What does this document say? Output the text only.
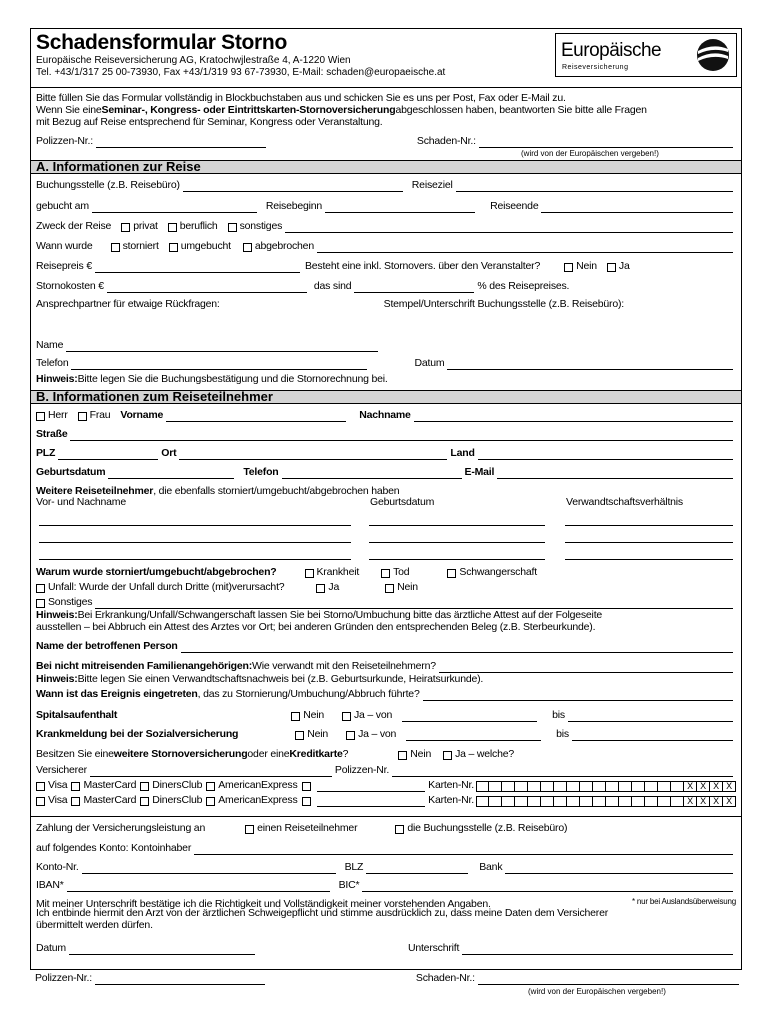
Schadensformular Storno
Europäische Reiseversicherung AG, Kratochwjlestraße 4, A-1220 Wien
Tel. +43/1/317 25 00-73930, Fax +43/1/319 93 67-73930, E-Mail: schaden@europaeische.at
Europäische
Reiseversicherung
Bitte füllen Sie das Formular vollständig in Blockbuchstaben aus und schicken Sie es uns per Post, Fax oder E-Mail zu.
Wenn Sie eine Seminar-, Kongress- oder Eintrittskarten-Stornoversicherung abgeschlossen haben, beantworten Sie bitte alle Fragen
mit Bezug auf Reise entsprechend für Seminar, Kongress oder Veranstaltung.
Polizzen-Nr.:	Schaden-Nr.:
(wird von der Europäischen vergeben!)
A. Informationen zur Reise
Buchungsstelle (z.B. Reisebüro)	Reiseziel
gebucht am	Reisebeginn	Reiseende
Zweck der Reise privat beruflich sonstiges
Wann wurde	storniert umgebucht abgebrochen
Reisepreis €	Besteht eine inkl. Stornovers. über den Veranstalter?	Nein Ja
Stornokosten €	das sind	% des Reisepreises.
Ansprechpartner für etwaige Rückfragen:	Stempel/Unterschrift Buchungsstelle (z.B. Reisebüro):
Name
Telefon	Datum
Hinweis: Bitte legen Sie die Buchungsbestätigung und die Stornorechnung bei.
B. Informationen zum Reiseteilnehmer
Herr Frau Vorname	Nachname
Straße
PLZ	Ort	Land
Geburtsdatum	Telefon	E-Mail
Weitere Reiseteilnehmer , die ebenfalls storniert/umgebucht/abgebrochen haben
Vor- und Nachname	Geburtsdatum	Verwandtschaftsverhältnis
Warum wurde storniert/umgebucht/abgebrochen?	Krankheit	Tod	Schwangerschaft
Unfall: Wurde der Unfall durch Dritte (mit)verursacht?	Ja	Nein
Sonstiges
Hinweis: Bei Erkrankung/Unfall/Schwangerschaft lassen Sie bei Storno/Umbuchung bitte das ärztliche Attest auf der Folgeseite
ausstellen – bei Abbruch ein Attest des Arztes vor Ort; bei anderen Gründen den entsprechenden Beleg (z.B. Sterbeurkunde).
Name der betroffenen Person
Bei nicht mitreisenden Familienangehörigen: Wie verwandt mit den Reiseteilnehmern?
Hinweis: Bitte legen Sie einen Verwandtschaftsnachweis bei (z.B. Geburtsurkunde, Heiratsurkunde).
Wann ist das Ereignis eingetreten , das zu Stornierung/Umbuchung/Abbruch führte?
Spitalsaufenthalt	Nein	Ja – von	bis
Krankmeldung bei der Sozialversicherung	Nein	Ja – von	bis
Besitzen Sie eine weitere Stornoversicherung oder eine Kreditkarte ?	Nein Ja – welche?
Versicherer	Polizzen-Nr.
Visa MasterCard DinersClub AmericanExpress	Karten-Nr.	X X X X
Visa MasterCard DinersClub AmericanExpress	Karten-Nr.	X X X X
Zahlung der Versicherungsleistung an	einen Reiseteilnehmer	die Buchungsstelle (z.B. Reisebüro)
auf folgendes Konto: Kontoinhaber
Konto-Nr.	BLZ	Bank
IBAN*	BIC*
Mit meiner Unterschrift bestätige ich die Richtigkeit und Vollständigkeit meiner vorstehenden Angaben.	* nur bei Auslandsüberweisung
Ich entbinde hiermit den Arzt von der ärztlichen Schweigepflicht und stimme ausdrücklich zu, dass meine Daten dem Versicherer
übermittelt werden dürfen.
Datum	Unterschrift
Polizzen-Nr.:	Schaden-Nr.:
(wird von der Europäischen vergeben!)
